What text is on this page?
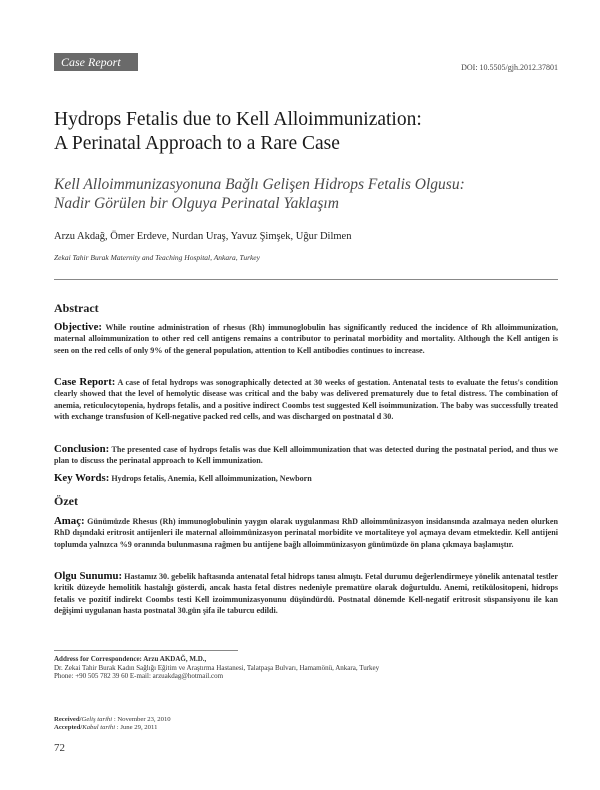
Case Report	DOI: 10.5505/gjh.2012.37801
Hydrops Fetalis due to Kell Alloimmunization:
A Perinatal Approach to a Rare Case
Kell Alloimmunizasyonuna Bağlı Gelişen Hidrops Fetalis Olgusu:
Nadir Görülen bir Olguya Perinatal Yaklaşım
Arzu Akdağ, Ömer Erdeve, Nurdan Uraş, Yavuz Şimşek, Uğur Dilmen
Zekai Tahir Burak Maternity and Teaching Hospital, Ankara, Turkey
Abstract
Objective: While routine administration of rhesus (Rh) immunoglobulin has significantly reduced the incidence of Rh alloimmunization, maternal alloimmunization to other red cell antigens remains a contributor to perinatal morbidity and mortality. Although the Kell antigen is seen on the red cells of only 9% of the general population, attention to Kell antibodies continues to increase.
Case Report: A case of fetal hydrops was sonographically detected at 30 weeks of gestation. Antenatal tests to evaluate the fetus's condition clearly showed that the level of hemolytic disease was critical and the baby was delivered prematurely due to fetal distress. The combination of anemia, reticulocytopenia, hydrops fetalis, and a positive indirect Coombs test suggested Kell isoimmunization. The baby was successfully treated with exchange transfusion of Kell-negative packed red cells, and was discharged on postnatal d 30.
Conclusion: The presented case of hydrops fetalis was due Kell alloimmunization that was detected during the postnatal period, and thus we plan to discuss the perinatal approach to Kell immunization.
Key Words: Hydrops fetalis, Anemia, Kell alloimmunization, Newborn
Özet
Amaç: Günümüzde Rhesus (Rh) immunoglobulinin yaygın olarak uygulanması RhD alloimmünizasyon insidansında azalmaya neden olurken RhD dışındaki eritrosit antijenleri ile maternal alloimmünizasyon perinatal morbidite ve mortaliteye yol açmaya devam etmektedir. Kell antijeni toplumda yalnızca %9 oranında bulunmasına rağmen bu antijene bağlı alloimmünizasyon günümüzde ön plana çıkmaya başlamıştır.
Olgu Sunumu: Hastamız 30. gebelik haftasında antenatal fetal hidrops tanısı almıştı. Fetal durumu değerlendirmeye yönelik antenatal testler kritik düzeyde hemolitik hastalığı gösterdi, ancak hasta fetal distres nedeniyle prematüre olarak doğurtuldu. Anemi, retikülositopeni, hidrops fetalis ve pozitif indirekt Coombs testi Kell izoimmunizasyonunu düşündürdü. Postnatal dönemde Kell-negatif eritrosit süspansiyonu ile kan değişimi uygulanan hasta postnatal 30.gün şifa ile taburcu edildi.
Address for Correspondence: Arzu AKDAĞ, M.D.,
Dr. Zekai Tahir Burak Kadın Sağlığı Eğitim ve Araştırma Hastanesi, Talatpaşa Bulvarı, Hamamönü, Ankara, Turkey
Phone: +90 505 782 39 60 E-mail: arzuakdag@hotmail.com
Received/Geliş tarihi : November 23, 2010
Accepted/Kabul tarihi : June 29, 2011
72
